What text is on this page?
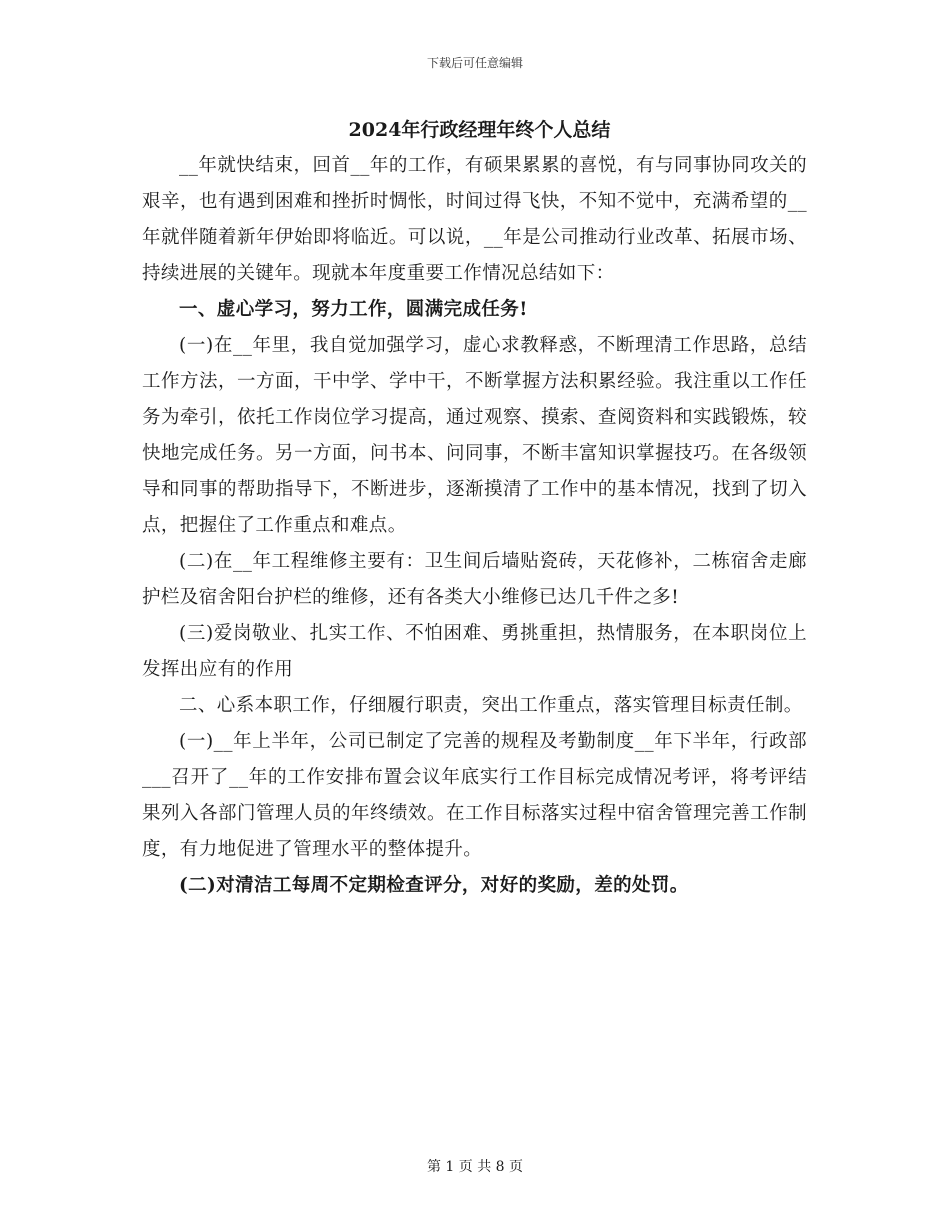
下载后可任意编辑
2024年行政经理年终个人总结

__年就快结束，回首__年的工作，有硕果累累的喜悦，有与同事协同攻关的艰辛，也有遇到困难和挫折时惆怅，时间过得飞快，不知不觉中，充满希望的__年就伴随着新年伊始即将临近。可以说，__年是公司推动行业改革、拓展市场、持续进展的关键年。现就本年度重要工作情况总结如下：

一、虚心学习，努力工作，圆满完成任务!

(一)在__年里，我自觉加强学习，虚心求教释惑，不断理清工作思路，总结工作方法，一方面，干中学、学中干，不断掌握方法积累经验。我注重以工作任务为牵引，依托工作岗位学习提高，通过观察、摸索、查阅资料和实践锻炼，较快地完成任务。另一方面，问书本、问同事，不断丰富知识掌握技巧。在各级领导和同事的帮助指导下，不断进步，逐渐摸清了工作中的基本情况，找到了切入点，把握住了工作重点和难点。

(二)在__年工程维修主要有：卫生间后墙贴瓷砖，天花修补，二栋宿舍走廊护栏及宿舍阳台护栏的维修，还有各类大小维修已达几千件之多!

(三)爱岗敬业、扎实工作、不怕困难、勇挑重担，热情服务，在本职岗位上发挥出应有的作用

二、心系本职工作，仔细履行职责，突出工作重点，落实管理目标责任制。

(一)__年上半年，公司已制定了完善的规程及考勤制度__年下半年，行政部___召开了__年的工作安排布置会议年底实行工作目标完成情况考评，将考评结果列入各部门管理人员的年终绩效。在工作目标落实过程中宿舍管理完善工作制度，有力地促进了管理水平的整体提升。

(二)对清洁工每周不定期检查评分，对好的奖励，差的处罚。

第 1 页 共 8 页
